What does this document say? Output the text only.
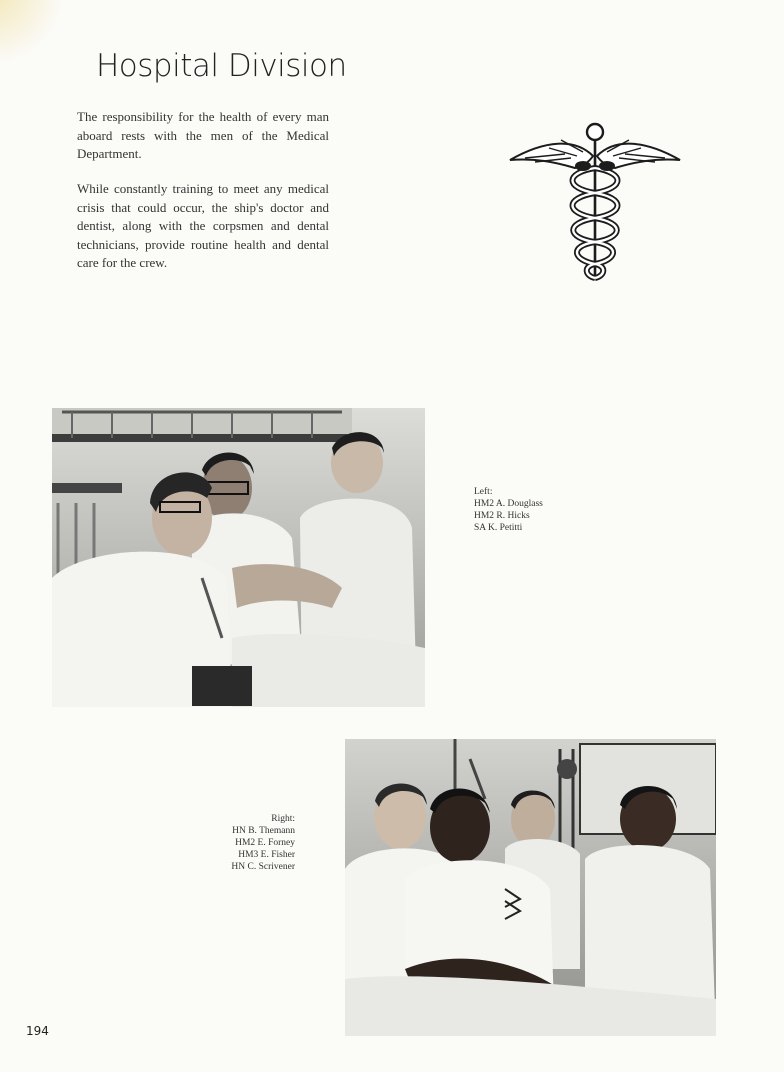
Hospital Division

The responsibility for the health of every man aboard rests with the men of the Medical Department.

While constantly training to meet any medical crisis that could occur, the ship's doctor and dentist, along with the corpsmen and dental technicians, provide routine health and dental care for the crew.

Left:
HM2 A. Douglass
HM2 R. Hicks
SA K. Petitti
Right:
HN B. Themann
HM2 E. Forney
HM3 E. Fisher
HN C. Scrivener
194
